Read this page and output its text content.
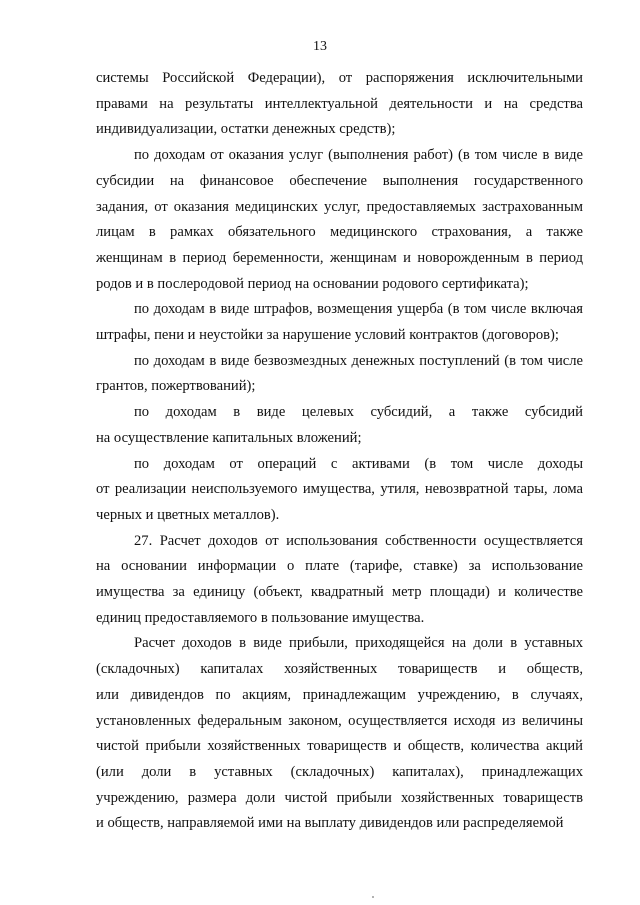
13

системы Российской Федерации), от распоряжения исключительными
правами на результаты интеллектуальной деятельности и на средства
индивидуализации, остатки денежных средств);

по доходам от оказания услуг (выполнения работ) (в том числе в виде
субсидии на финансовое обеспечение выполнения государственного
задания, от оказания медицинских услуг, предоставляемых застрахованным
лицам в рамках обязательного медицинского страхования, а также
женщинам в период беременности, женщинам и новорожденным в период
родов и в послеродовой период на основании родового сертификата);

по доходам в виде штрафов, возмещения ущерба (в том числе включая
штрафы, пени и неустойки за нарушение условий контрактов (договоров);

по доходам в виде безвозмездных денежных поступлений (в том числе
грантов, пожертвований);

по доходам в виде целевых субсидий, а также субсидий
на осуществление капитальных вложений;

по доходам от операций с активами (в том числе доходы
от реализации неиспользуемого имущества, утиля, невозвратной тары, лома
черных и цветных металлов).

27. Расчет доходов от использования собственности осуществляется
на основании информации о плате (тарифе, ставке) за использование
имущества за единицу (объект, квадратный метр площади) и количестве
единиц предоставляемого в пользование имущества.

Расчет доходов в виде прибыли, приходящейся на доли в уставных
(складочных) капиталах хозяйственных товариществ и обществ,
или дивидендов по акциям, принадлежащим учреждению, в случаях,
установленных федеральным законом, осуществляется исходя из величины
чистой прибыли хозяйственных товариществ и обществ, количества акций
(или доли в уставных (складочных) капиталах), принадлежащих
учреждению, размера доли чистой прибыли хозяйственных товариществ
и обществ, направляемой ими на выплату дивидендов или распределяемой
